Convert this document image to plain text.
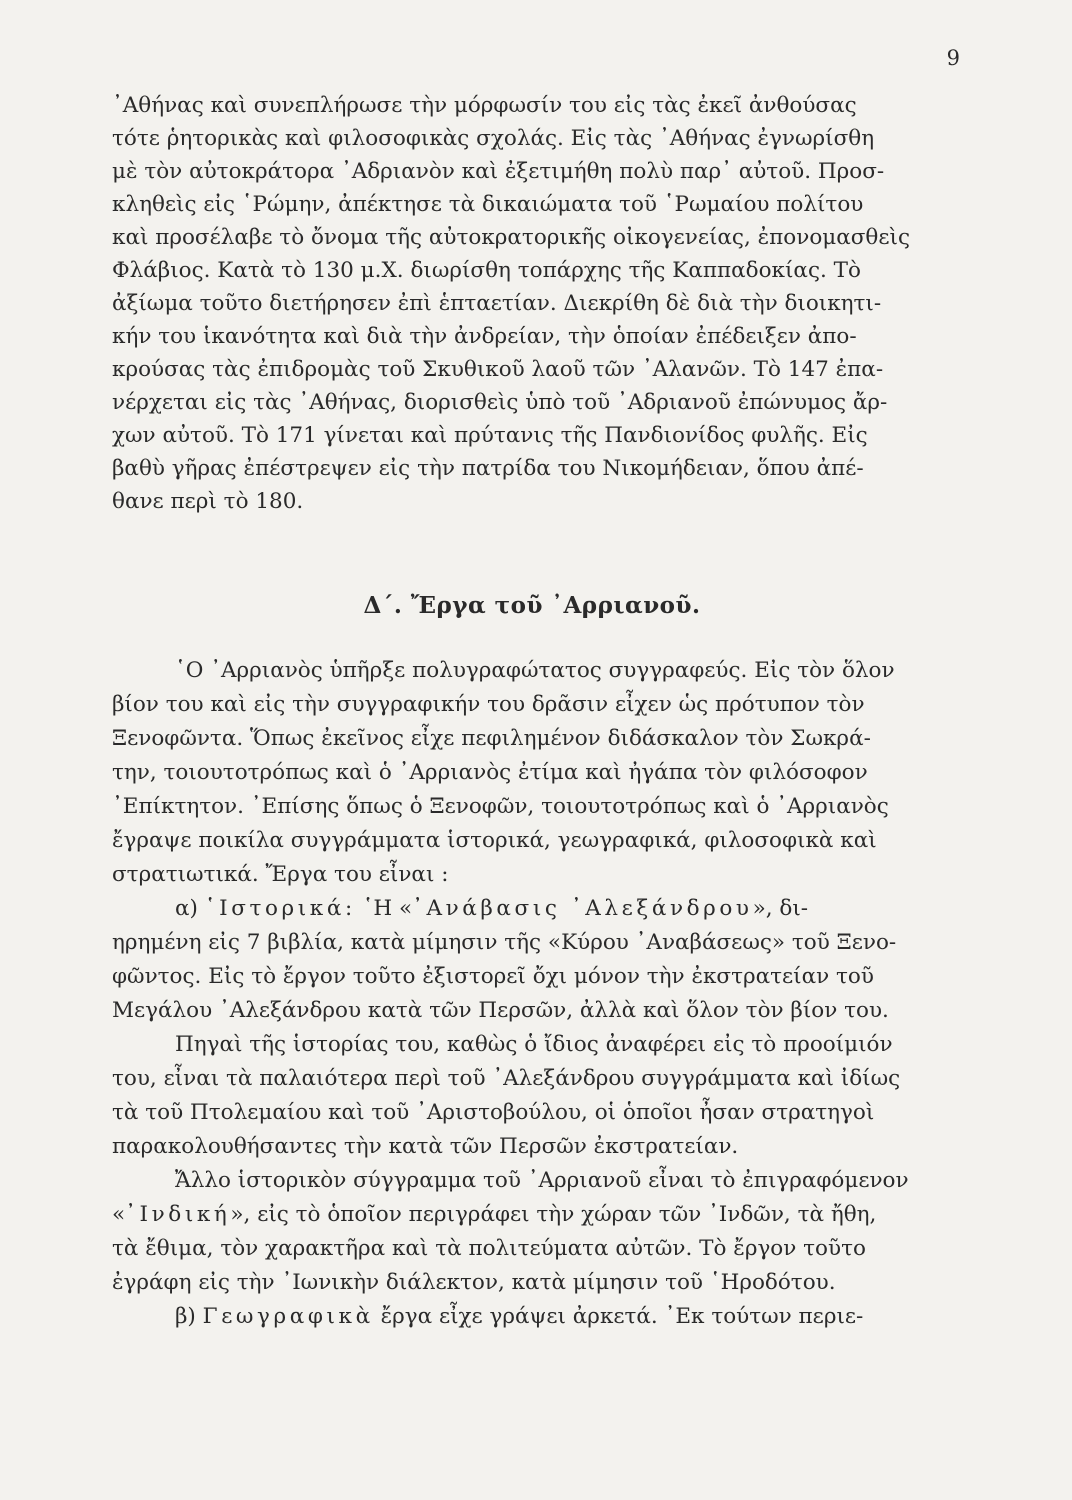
9
᾿Αθήνας καὶ συνεπλήρωσε τὴν μόρφωσίν του εἰς τὰς ἐκεῖ ἀνθούσας
τότε ῥητορικὰς καὶ φιλοσοφικὰς σχολάς. Εἰς τὰς ᾿Αθήνας ἐγνωρίσθη
μὲ τὸν αὐτοκράτορα ᾿Αδριανὸν καὶ ἐξετιμήθη πολὺ παρ᾿ αὐτοῦ. Προσ-
κληθεὶς εἰς ῾Ρώμην, ἀπέκτησε τὰ δικαιώματα τοῦ ῾Ρωμαίου πολίτου
καὶ προσέλαβε τὸ ὄνομα τῆς αὐτοκρατορικῆς οἰκογενείας, ἐπονομασθεὶς
Φλάβιος. Κατὰ τὸ 130 μ.Χ. διωρίσθη τοπάρχης τῆς Καππαδοκίας. Τὸ
ἀξίωμα τοῦτο διετήρησεν ἐπὶ ἑπταετίαν. Διεκρίθη δὲ διὰ τὴν διοικητι-
κήν του ἱκανότητα καὶ διὰ τὴν ἀνδρείαν, τὴν ὁποίαν ἐπέδειξεν ἀπο-
κρούσας τὰς ἐπιδρομὰς τοῦ Σκυθικοῦ λαοῦ τῶν ᾿Αλανῶν. Τὸ 147 ἐπα-
νέρχεται εἰς τὰς ᾿Αθήνας, διορισθεὶς ὑπὸ τοῦ ᾿Αδριανοῦ ἐπώνυμος ἄρ-
χων αὐτοῦ. Τὸ 171 γίνεται καὶ πρύτανις τῆς Πανδιονίδος φυλῆς. Εἰς
βαθὺ γῆρας ἐπέστρεψεν εἰς τὴν πατρίδα του Νικομήδειαν, ὅπου ἀπέ-
θανε περὶ τὸ 180.
Δ΄. Ἔργα τοῦ ᾿Αρριανοῦ.
῾Ο ᾿Αρριανὸς ὑπῆρξε πολυγραφώτατος συγγραφεύς. Εἰς τὸν ὅλον
βίον του καὶ εἰς τὴν συγγραφικήν του δρᾶσιν εἶχεν ὡς πρότυπον τὸν
Ξενοφῶντα. Ὅπως ἐκεῖνος εἶχε πεφιλημένον διδάσκαλον τὸν Σωκρά-
την, τοιουτοτρόπως καὶ ὁ ᾿Αρριανὸς ἐτίμα καὶ ἠγάπα τὸν φιλόσοφον
᾿Επίκτητον. ᾿Επίσης ὅπως ὁ Ξενοφῶν, τοιουτοτρόπως καὶ ὁ ᾿Αρριανὸς
ἔγραψε ποικίλα συγγράμματα ἱστορικά, γεωγραφικά, φιλοσοφικὰ καὶ
στρατιωτικά. Ἔργα του εἶναι :
α) ῾Ιστορικά: ῾Η «᾿Ανάβασις ᾿Αλεξάνδρου», δι-
ηρημένη εἰς 7 βιβλία, κατὰ μίμησιν τῆς «Κύρου ᾿Αναβάσεως» τοῦ Ξενο-
φῶντος. Εἰς τὸ ἔργον τοῦτο ἐξιστορεῖ ὄχι μόνον τὴν ἐκστρατείαν τοῦ
Μεγάλου ᾿Αλεξάνδρου κατὰ τῶν Περσῶν, ἀλλὰ καὶ ὅλον τὸν βίον του.
Πηγαὶ τῆς ἱστορίας του, καθὼς ὁ ἴδιος ἀναφέρει εἰς τὸ προοίμιόν
του, εἶναι τὰ παλαιότερα περὶ τοῦ ᾿Αλεξάνδρου συγγράμματα καὶ ἰδίως
τὰ τοῦ Πτολεμαίου καὶ τοῦ ᾿Αριστοβούλου, οἱ ὁποῖοι ἦσαν στρατηγοὶ
παρακολουθήσαντες τὴν κατὰ τῶν Περσῶν ἐκστρατείαν.
Ἄλλο ἱστορικὸν σύγγραμμα τοῦ ᾿Αρριανοῦ εἶναι τὸ ἐπιγραφόμενον
«᾿Ινδική», εἰς τὸ ὁποῖον περιγράφει τὴν χώραν τῶν ᾿Ινδῶν, τὰ ἤθη,
τὰ ἔθιμα, τὸν χαρακτῆρα καὶ τὰ πολιτεύματα αὐτῶν. Τὸ ἔργον τοῦτο
ἐγράφη εἰς τὴν ᾿Ιωνικὴν διάλεκτον, κατὰ μίμησιν τοῦ ῾Ηροδότου.
β) Γεωγραφικὰ ἔργα εἶχε γράψει ἀρκετά. ᾿Εκ τούτων περιε-
